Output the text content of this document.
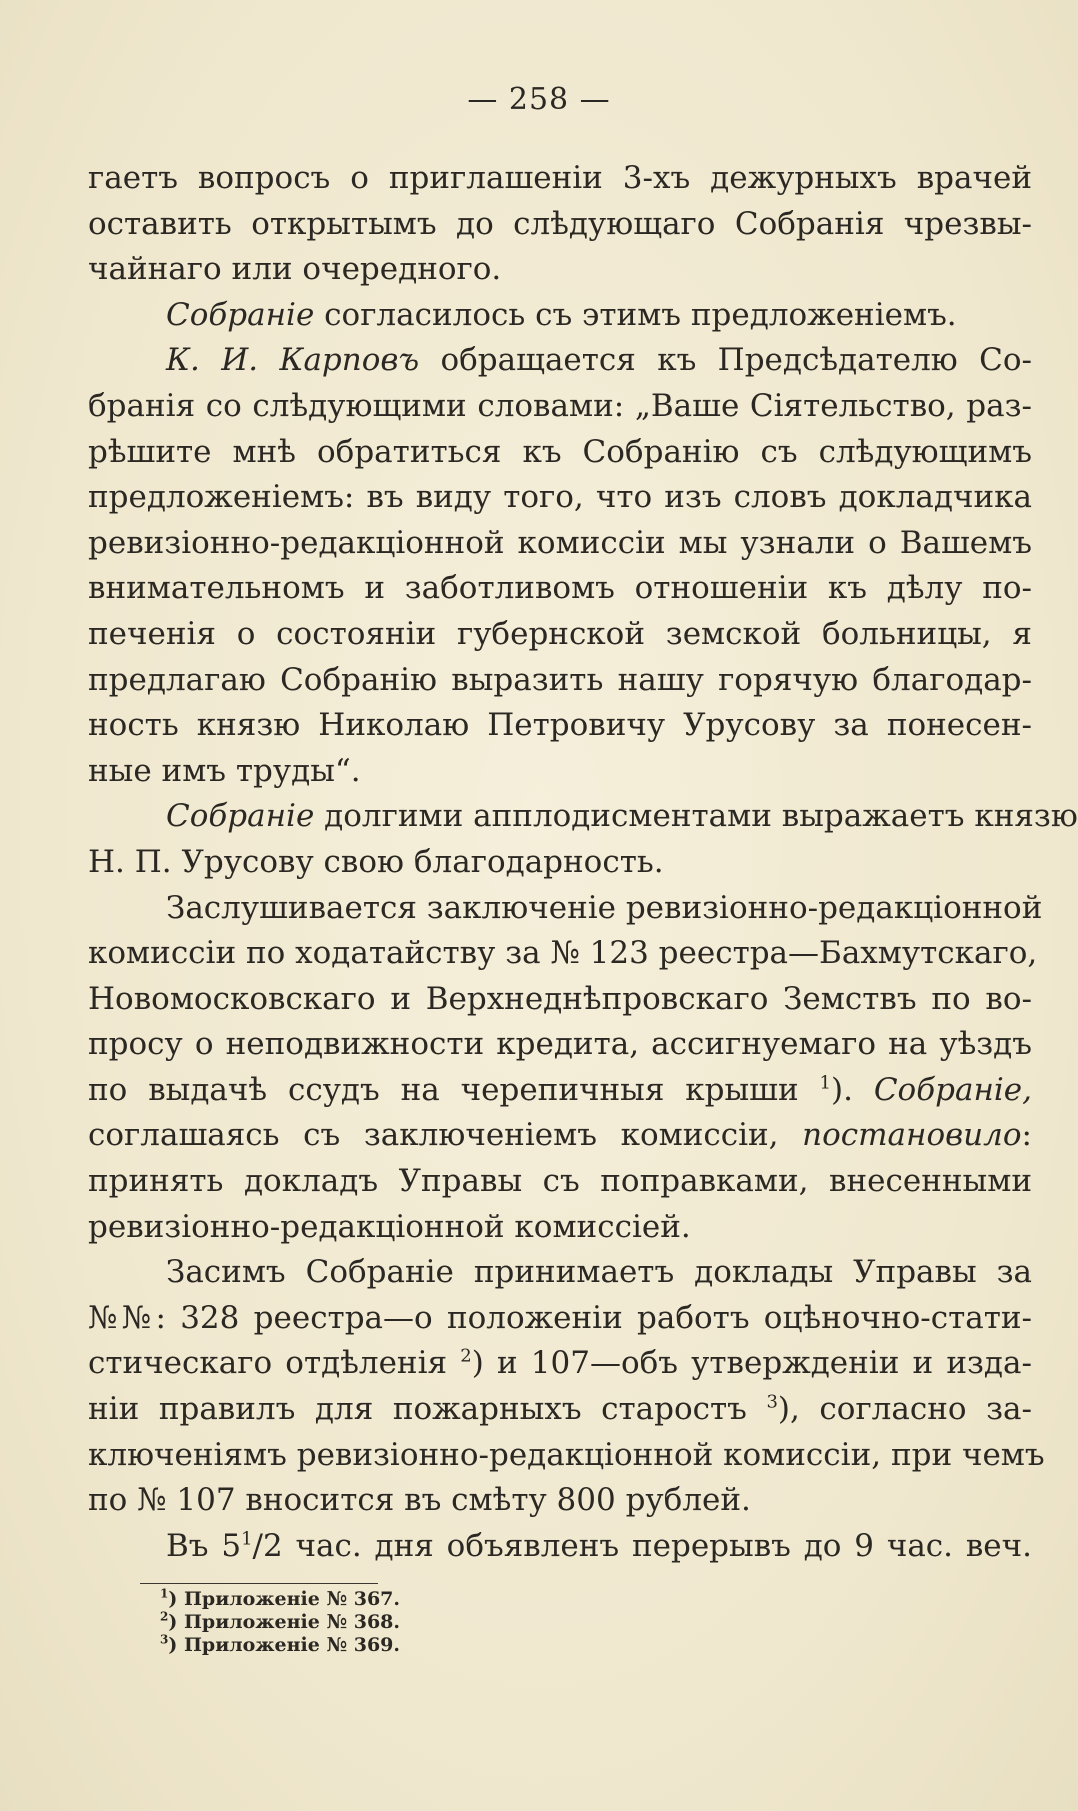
— 258 —

гаетъ вопросъ о приглашеніи 3-хъ дежурныхъ врачей
оставить открытымъ до слѣдующаго Собранія чрезвы-
чайнаго или очередного.

Собраніе согласилось съ этимъ предложеніемъ.

К. И. Карповъ обращается къ Предсѣдателю Со-
бранія со слѣдующими словами: „Ваше Сіятельство, раз-
рѣшите мнѣ обратиться къ Собранію съ слѣдующимъ
предложеніемъ: въ виду того, что изъ словъ докладчика
ревизіонно-редакціонной комиссіи мы узнали о Вашемъ
внимательномъ и заботливомъ отношеніи къ дѣлу по-
печенія о состояніи губернской земской больницы, я
предлагаю Собранію выразить нашу горячую благодар-
ность князю Николаю Петровичу Урусову за понесен-
ные имъ труды“.

Собраніе долгими апплодисментами выражаетъ князю
Н. П. Урусову свою благодарность.

Заслушивается заключеніе ревизіонно-редакціонной
комиссіи по ходатайству за № 123 реестра—Бахмутскаго,
Новомосковскаго и Верхнеднѣпровскаго Земствъ по во-
просу о неподвижности кредита, ассигнуемаго на уѣздъ
по выдачѣ ссудъ на черепичныя крыши $^1$). Собраніе,
соглашаясь съ заключеніемъ комиссіи, постановило:
принять докладъ Управы съ поправками, внесенными
ревизіонно-редакціонной комиссіей.

Засимъ Собраніе принимаетъ доклады Управы за
№№: 328 реестра—о положеніи работъ оцѣночно-стати-
стическаго отдѣленія $^2$) и 107—объ утвержденіи и изда-
ніи правилъ для пожарныхъ старостъ $^3$), согласно за-
ключеніямъ ревизіонно-редакціонной комиссіи, при чемъ
по № 107 вносится въ смѣту 800 рублей.

Въ $5^1/2$ час. дня объявленъ перерывъ до 9 час. веч.

$^1$) Приложеніе № 367.
$^2$) Приложеніе № 368.
$^3$) Приложеніе № 369.
